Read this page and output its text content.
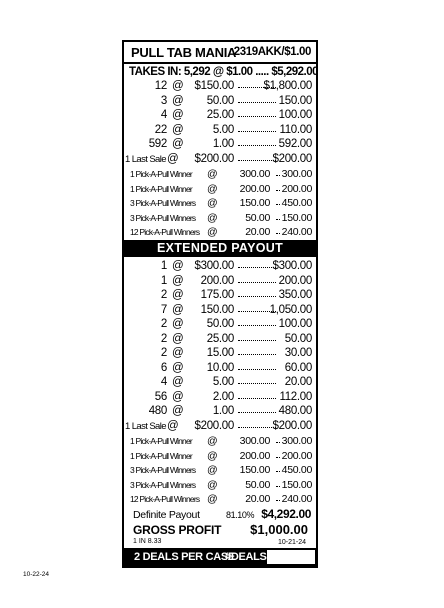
PULL TAB MANIA
2319AKK/$1.00
TAKES IN: 5,292 @ $1.00 ..... $5,292.00
12 @ $150.00	$1,800.00
3 @ 50.00	150.00
4 @ 25.00	100.00
22 @	5.00	110.00
592 @	1.00	592.00
1 Last Sale @ $200.00	$200.00
1 Pick-A-Pull Winner @ 300.00 300.00
1 Pick-A-Pull Winner @ 200.00 200.00
3 Pick-A-Pull Winners @ 150.00 450.00
3 Pick-A-Pull Winners @	50.00 150.00
12 Pick-A-Pull Winners @	20.00 240.00
EXTENDED PAYOUT
1 @ $300.00	$300.00
1 @ 200.00	200.00
2 @ 175.00	350.00
7 @ 150.00	1,050.00
2 @ 50.00	100.00
2 @ 25.00	50.00
2 @ 15.00	30.00
6 @ 10.00	60.00
4 @	5.00	20.00
56 @	2.00	112.00
480 @	1.00	480.00
1 Last Sale @ $200.00	$200.00
1 Pick-A-Pull Winner @ 300.00 300.00
1 Pick-A-Pull Winner @ 200.00 200.00
3 Pick-A-Pull Winners @ 150.00 450.00
3 Pick-A-Pull Winners @	50.00 150.00
12 Pick-A-Pull Winners @	20.00 240.00
Definite Payout	81.10% $4,292.00
GROSS PROFIT $1,000.00
1 IN 8.33	10-21-24
2 DEALS PER CASE
#DEALS
10-22-24
